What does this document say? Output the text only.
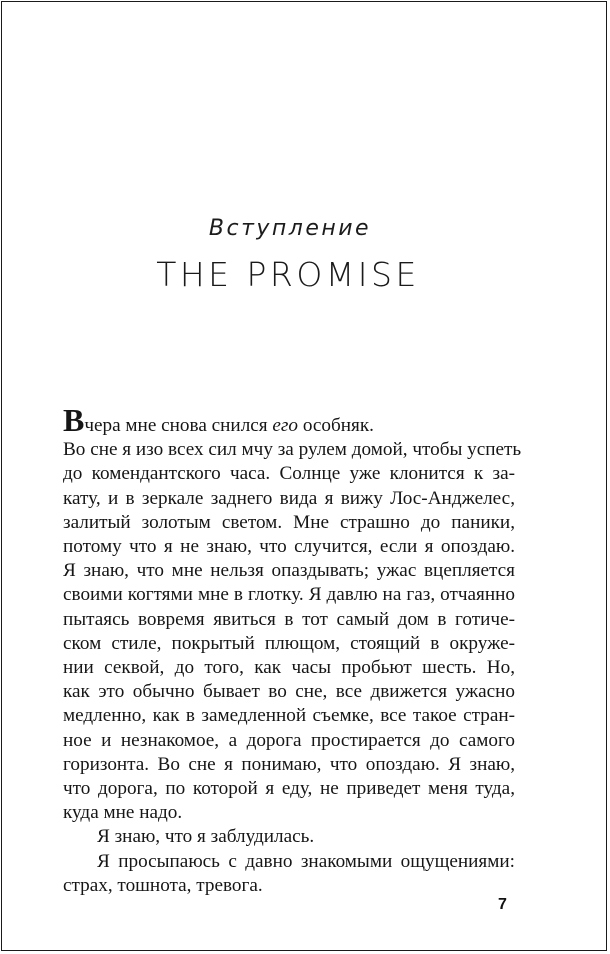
Вступление
THE PROMISE

Вчера мне снова снился его особняк.

Во сне я изо всех сил мчу за рулем домой, чтобы успеть
до комендантского часа. Солнце уже клонится к за-
кату, и в зеркале заднего вида я вижу Лос-Анджелес,
залитый золотым светом. Мне страшно до паники,
потому что я не знаю, что случится, если я опоздаю.
Я знаю, что мне нельзя опаздывать; ужас вцепляется
своими когтями мне в глотку. Я давлю на газ, отчаянно
пытаясь вовремя явиться в тот самый дом в готиче-
ском стиле, покрытый плющом, стоящий в окруже-
нии секвой, до того, как часы пробьют шесть. Но,
как это обычно бывает во сне, все движется ужасно
медленно, как в замедленной съемке, все такое стран-
ное и незнакомое, а дорога простирается до самого
горизонта. Во сне я понимаю, что опоздаю. Я знаю,
что дорога, по которой я еду, не приведет меня туда,
куда мне надо.

Я знаю, что я заблудилась.

Я просыпаюсь с давно знакомыми ощущениями:
страх, тошнота, тревога.

7
